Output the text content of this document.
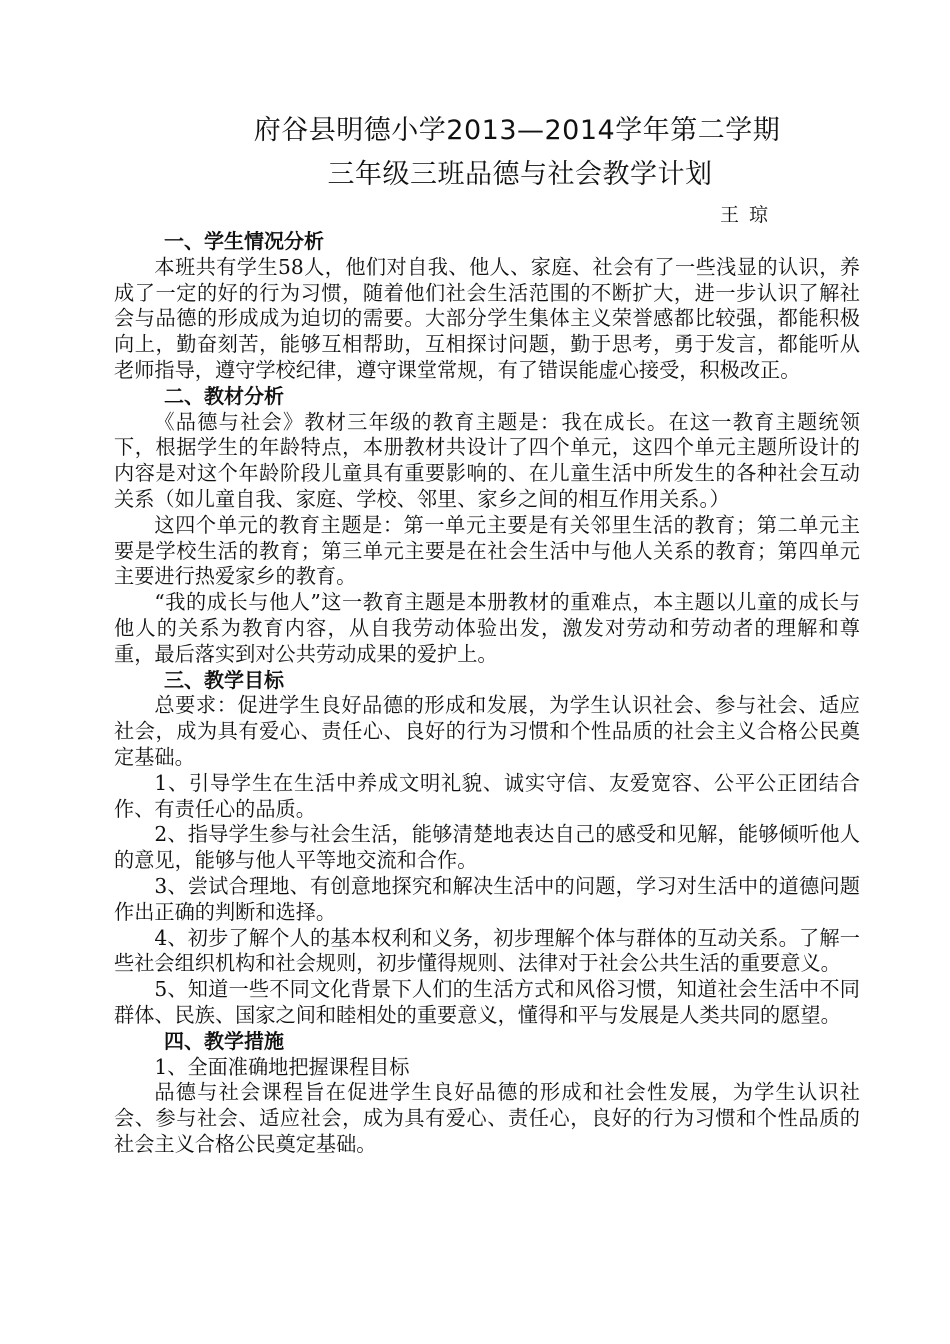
府谷县明德小学2013—2014学年第二学期
三年级三班品德与社会教学计划
王琼
一、学生情况分析

本班共有学生58人，他们对自我、他人、家庭、社会有了一些浅显的认识，养成了一定的好的行为习惯，随着他们社会生活范围的不断扩大，进一步认识了解社会与品德的形成成为迫切的需要。大部分学生集体主义荣誉感都比较强，都能积极向上，勤奋刻苦，能够互相帮助，互相探讨问题，勤于思考，勇于发言，都能听从老师指导，遵守学校纪律，遵守课堂常规，有了错误能虚心接受，积极改正。

二、教材分析

《品德与社会》教材三年级的教育主题是：我在成长。在这一教育主题统领下，根据学生的年龄特点，本册教材共设计了四个单元，这四个单元主题所设计的内容是对这个年龄阶段儿童具有重要影响的、在儿童生活中所发生的各种社会互动关系（如儿童自我、家庭、学校、邻里、家乡之间的相互作用关系。）

这四个单元的教育主题是：第一单元主要是有关邻里生活的教育；第二单元主要是学校生活的教育；第三单元主要是在社会生活中与他人关系的教育；第四单元主要进行热爱家乡的教育。

“我的成长与他人”这一教育主题是本册教材的重难点，本主题以儿童的成长与他人的关系为教育内容，从自我劳动体验出发，激发对劳动和劳动者的理解和尊重，最后落实到对公共劳动成果的爱护上。

三、教学目标

总要求：促进学生良好品德的形成和发展，为学生认识社会、参与社会、适应社会，成为具有爱心、责任心、良好的行为习惯和个性品质的社会主义合格公民奠定基础。

1、引导学生在生活中养成文明礼貌、诚实守信、友爱宽容、公平公正团结合作、有责任心的品质。

2、指导学生参与社会生活，能够清楚地表达自己的感受和见解，能够倾听他人的意见，能够与他人平等地交流和合作。

3、尝试合理地、有创意地探究和解决生活中的问题，学习对生活中的道德问题作出正确的判断和选择。

4、初步了解个人的基本权利和义务，初步理解个体与群体的互动关系。了解一些社会组织机构和社会规则，初步懂得规则、法律对于社会公共生活的重要意义。

5、知道一些不同文化背景下人们的生活方式和风俗习惯，知道社会生活中不同群体、民族、国家之间和睦相处的重要意义，懂得和平与发展是人类共同的愿望。

四、教学措施

1、全面准确地把握课程目标

品德与社会课程旨在促进学生良好品德的形成和社会性发展，为学生认识社会、参与社会、适应社会，成为具有爱心、责任心，良好的行为习惯和个性品质的社会主义合格公民奠定基础。
